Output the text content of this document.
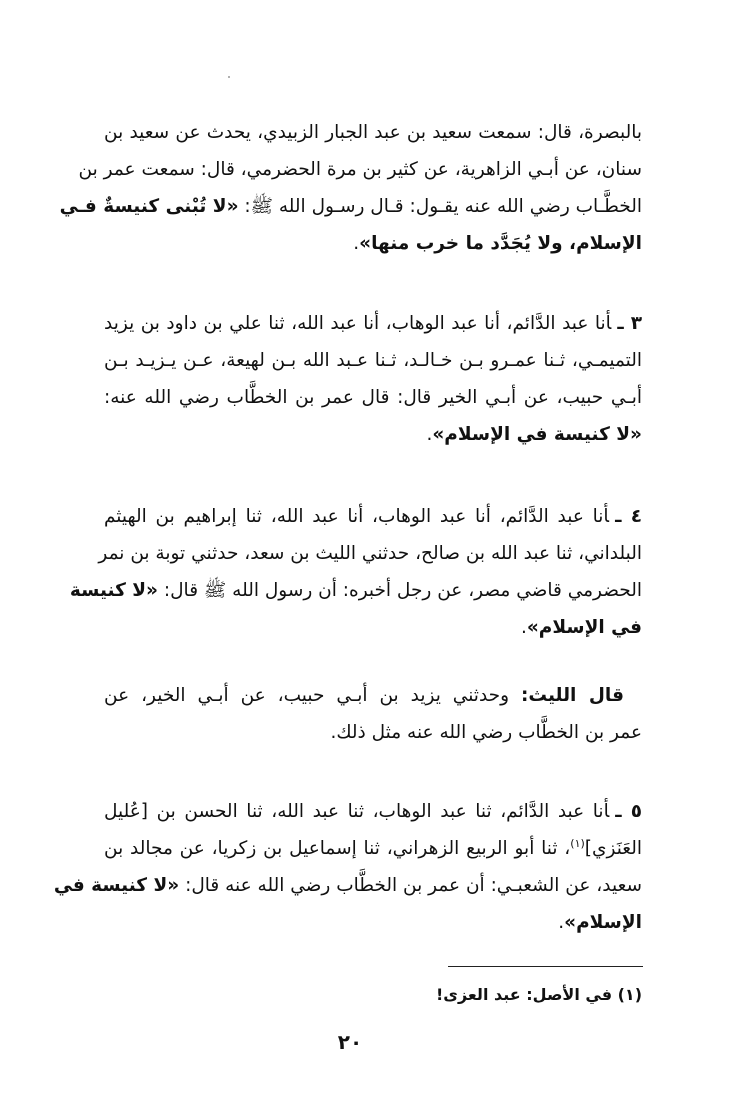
بالبصرة، قال: سمعت سعيد بن عبد الجبار الزبيدي، يحدث عن سعيد بن
سنان، عن أبـي الزاهرية، عن كثير بن مرة الحضرمي، قال: سمعت عمر بن
الخطَّـاب رضي الله عنه يقـول: قـال رسـول الله ﷺ: «لا تُبْنى كنيسةٌ فـي
الإسلام، ولا يُجَدَّد ما خرب منها».
٣ ـأنا عبد الدَّائم، أنا عبد الوهاب، أنا عبد الله، ثنا علي بن داود بن يزيد
التميمـي، ثـنا عمـرو بـن خـالـد، ثـنا عـبد الله بـن لهيعة، عـن يـزيـد بـن
أبـي حبيب، عن أبـي الخير قال: قال عمر بن الخطَّاب رضي الله عنه:
«لا كنيسة في الإسلام».
٤ ـأنا عبد الدَّائم، أنا عبد الوهاب، أنا عبد الله، ثنا إبراهيم بن الهيثم
البلداني، ثنا عبد الله بن صالح، حدثني الليث بن سعد، حدثني توبة بن نمر
الحضرمي قاضي مصر، عن رجل أخبره: أن رسول الله ﷺ قال: «لا كنيسة
في الإسلام».
قال الليث: وحدثني يزيد بن أبـي حبيب، عن أبـي الخير، عن
عمر بن الخطَّاب رضي الله عنه مثل ذلك.
٥ ـأنا عبد الدَّائم، ثنا عبد الوهاب، ثنا عبد الله، ثنا الحسن بن [عُليل
العَنَزي]$^{(١)}$، ثنا أبو الربيع الزهراني، ثنا إسماعيل بن زكريا، عن مجالد بن
سعيد، عن الشعبـي: أن عمر بن الخطَّاب رضي الله عنه قال: «لا كنيسة في
الإسلام».
(١) في الأصل: عبد العزى!
٢٠
